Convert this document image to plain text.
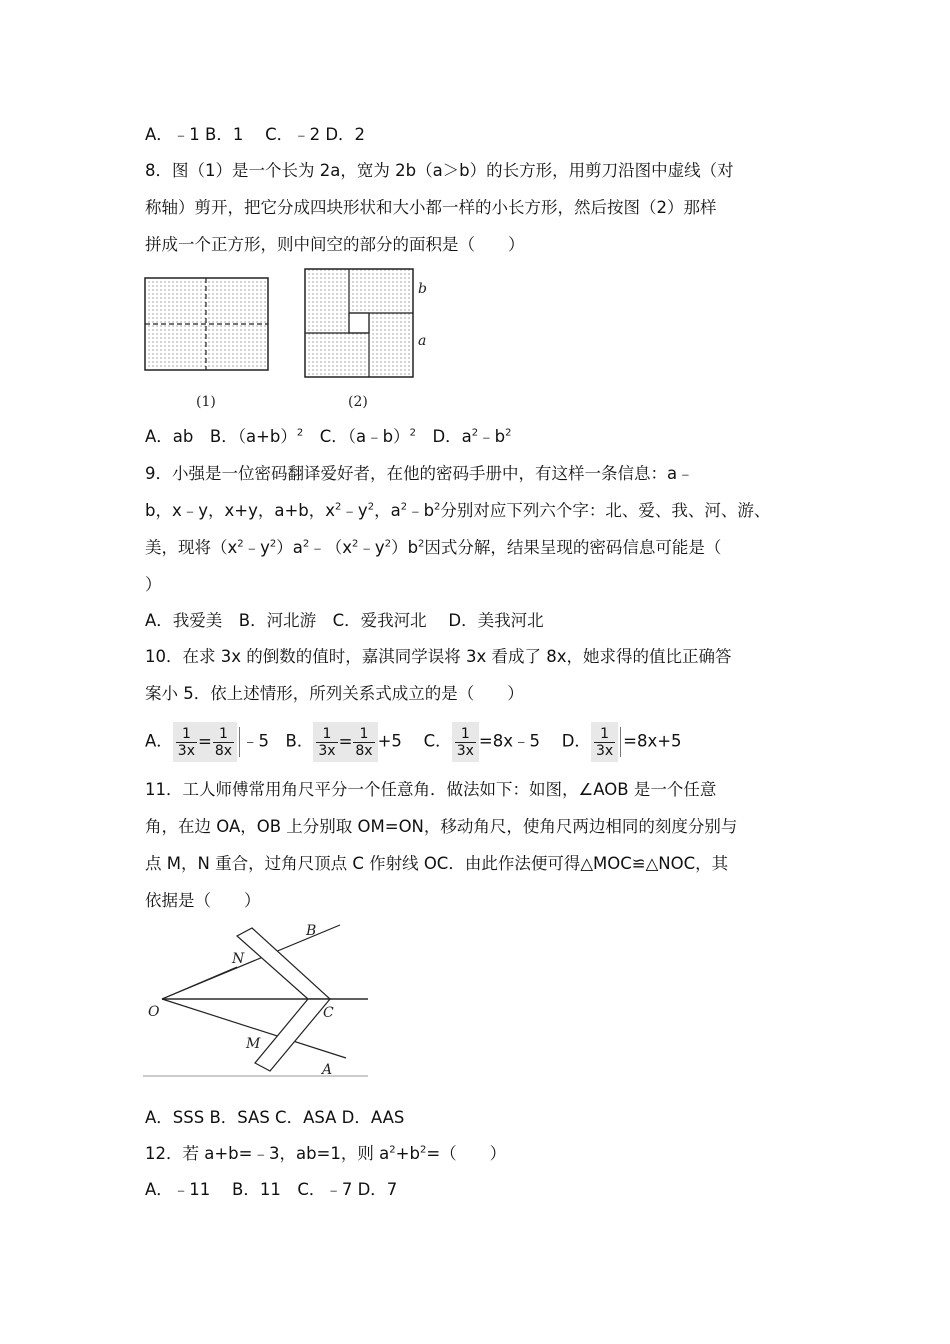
A．﹣1 B．1　 C．﹣2 D．2
8．图（1）是一个长为 2a，宽为 2b（a＞b）的长方形，用剪刀沿图中虚线（对
称轴）剪开，把它分成四块形状和大小都一样的小长方形，然后按图（2）那样
拼成一个正方形，则中间空的部分的面积是（　　）
b
a
(1)	(2)
A．ab　B．$(a+b)^2$　C．（a﹣b）$^2$　D．$a^2﹣b^2$
9．小强是一位密码翻译爱好者，在他的密码手册中，有这样一条信息：a﹣
b，x﹣y，x+y，a+b，$x^2﹣y^2$，$a^2﹣b^2$分别对应下列六个字：北、爱、我、河、游、
美，现将$(x^2﹣y^2)a^2﹣(x^2﹣y^2)b^2$因式分解，结果呈现的密码信息可能是（
）
A．我爱美　B．河北游　C．爱我河北　 D．美我河北
10．在求 3x 的倒数的值时，嘉淇同学误将 3x 看成了 8x，她求得的值比正确答
案小 5．依上述情形，所列关系式成立的是（　　）
A． $\frac{1}{3x} = \frac{1}{8x}$ ﹣5　B． $\frac{1}{3x} = \frac{1}{8x} +5$　 C． $\frac{1}{3x}$ =8x﹣5　 D． $\frac{1}{3x} =8x+5$
11．工人师傅常用角尺平分一个任意角．做法如下：如图，∠AOB 是一个任意
角，在边 OA，OB 上分别取 OM=ON，移动角尺，使角尺两边相同的刻度分别与
点 M，N 重合，过角尺顶点 C 作射线 OC．由此作法便可得△MOC≌△NOC，其
依据是（　　）
O
B
N
C
M
A
A．SSS B．SAS C．ASA D．AAS
12．若 a+b=﹣3，ab=1，则 $a^2+b^2=$（　　）
A．﹣11　 B．11　C．﹣7 D．7
